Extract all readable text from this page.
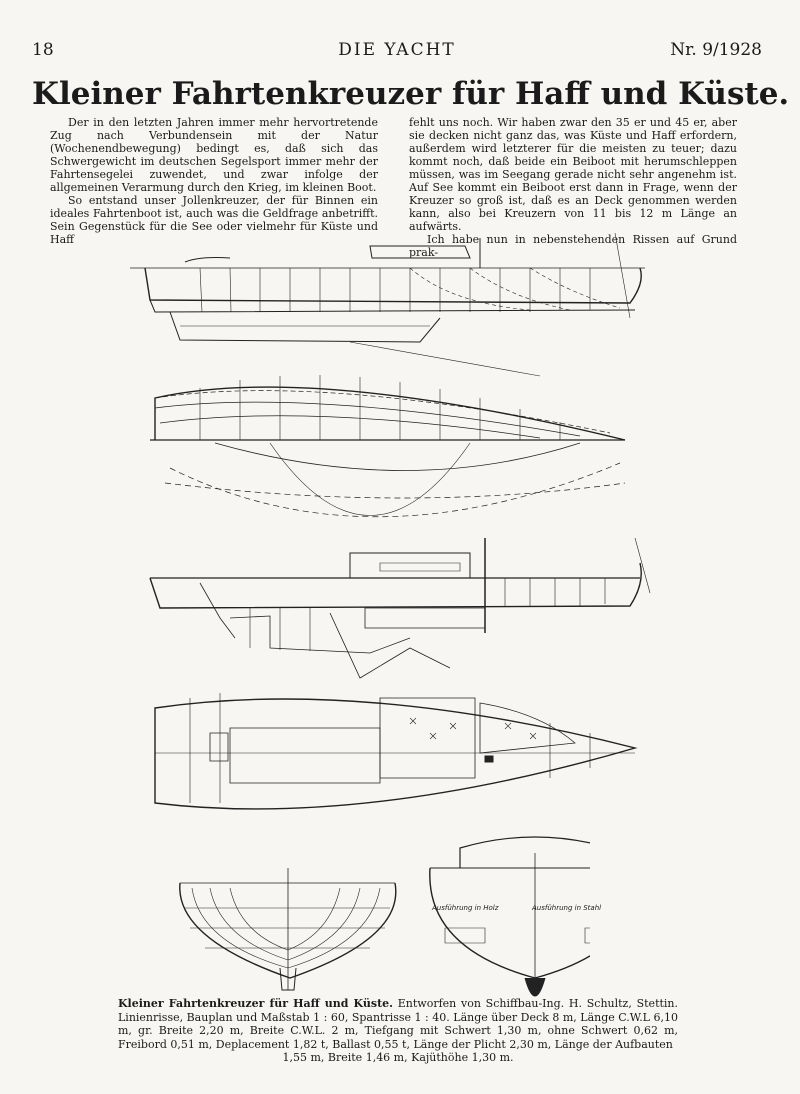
18	DIE YACHT	Nr. 9/1928
Kleiner Fahrtenkreuzer für Haff und Küste.

Der in den letzten Jahren immer mehr hervortretende Zug nach Verbundensein mit der Natur (Wochenendbewegung) bedingt es, daß sich das Schwergewicht im deutschen Segelsport immer mehr der Fahrtensegelei zuwendet, und zwar infolge der allgemeinen Verarmung durch den Krieg, im kleinen Boot.

So entstand unser Jollenkreuzer, der für Binnen ein ideales Fahrtenboot ist, auch was die Geldfrage anbetrifft. Sein Gegenstück für die See oder vielmehr für Küste und Haff

fehlt uns noch. Wir haben zwar den 35 er und 45 er, aber sie decken nicht ganz das, was Küste und Haff erfordern, außerdem wird letzterer für die meisten zu teuer; dazu kommt noch, daß beide ein Beiboot mit herumschleppen müssen, was im Seegang gerade nicht sehr angenehm ist. Auf See kommt ein Beiboot erst dann in Frage, wenn der Kreuzer so groß ist, daß es an Deck genommen werden kann, also bei Kreuzern von 11 bis 12 m Länge an aufwärts.

Ich habe nun in nebenstehenden Rissen auf Grund prak-

Ausführung in Holz	Ausführung in Stahl
Kleiner Fahrtenkreuzer für Haff und Küste. Entworfen von Schiffbau-Ing. H. Schultz, Stettin. Linienrisse, Bauplan und Maßstab 1 : 60, Spantrisse 1 : 40. Länge über Deck 8 m, Länge C.W.L 6,10 m, gr. Breite 2,20 m, Breite C.W.L. 2 m, Tiefgang mit Schwert 1,30 m, ohne Schwert 0,62 m, Freibord 0,51 m, Deplacement 1,82 t, Ballast 0,55 t, Länge der Plicht 2,30 m, Länge der Aufbauten
1,55 m, Breite 1,46 m, Kajüthöhe 1,30 m.
